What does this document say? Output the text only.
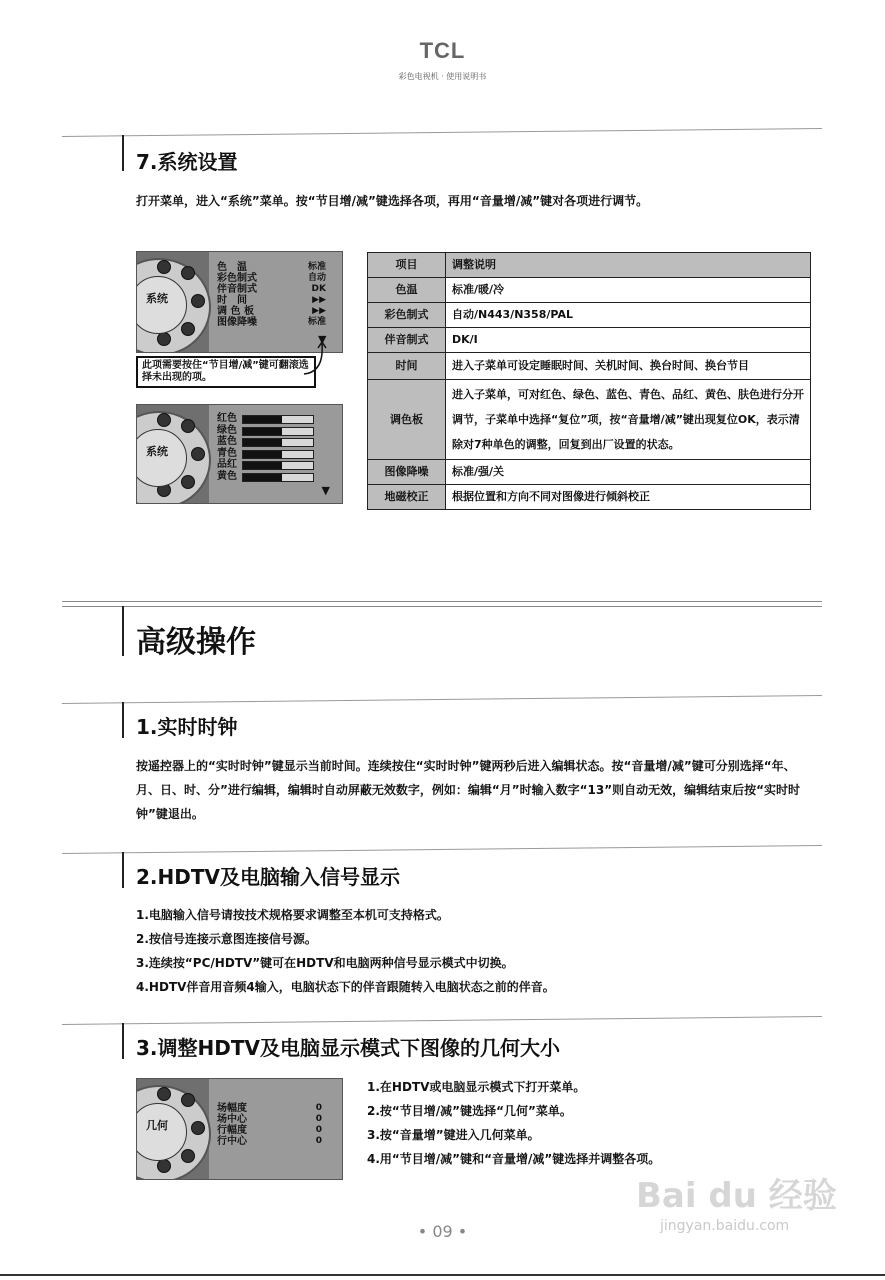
TCL
彩色电视机 · 使用说明书
7.系统设置
打开菜单，进入“系统”菜单。按“节目增/减”键选择各项，再用“音量增/减”键对各项进行调节。
系统
色　温
彩色制式
伴音制式
时　间
调 色 板
图像降噪
标准
自动
DK
▶▶
▶▶
标准
▼
此项需要按住“节目增/减”键可翻滚选择未出现的项。
系统
红色
绿色
蓝色
青色
品红
黄色
▼
项目	调整说明
色温	标准/暖/冷
彩色制式	自动/N443/N358/PAL
伴音制式	DK/I
时间	进入子菜单可设定睡眠时间、关机时间、换台时间、换台节目
调色板	进入子菜单，可对红色、绿色、蓝色、青色、品红、黄色、肤色进行分开调节，子菜单中选择“复位”项，按“音量增/减”键出现复位OK，表示清除对7种单色的调整，回复到出厂设置的状态。
图像降噪	标准/强/关
地磁校正	根据位置和方向不同对图像进行倾斜校正
高级操作
1.实时时钟
按遥控器上的“实时时钟”键显示当前时间。连续按住“实时时钟”键两秒后进入编辑状态。按“音量增/减”键可分别选择“年、月、日、时、分”进行编辑，编辑时自动屏蔽无效数字，例如：编辑“月”时输入数字“13”则自动无效，编辑结束后按“实时时钟”键退出。
2.HDTV及电脑输入信号显示
1.电脑输入信号请按技术规格要求调整至本机可支持格式。
2.按信号连接示意图连接信号源。
3.连续按“PC/HDTV”键可在HDTV和电脑两种信号显示模式中切换。
4.HDTV伴音用音频4输入，电脑状态下的伴音跟随转入电脑状态之前的伴音。
3.调整HDTV及电脑显示模式下图像的几何大小
几何
场幅度
场中心
行幅度
行中心
0
0
0
0
1.在HDTV或电脑显示模式下打开菜单。
2.按“节目增/减”键选择“几何”菜单。
3.按“音量增”键进入几何菜单。
4.用“节目增/减”键和“音量增/减”键选择并调整各项。
• 09 •
Bai du 经验
jingyan.baidu.com
